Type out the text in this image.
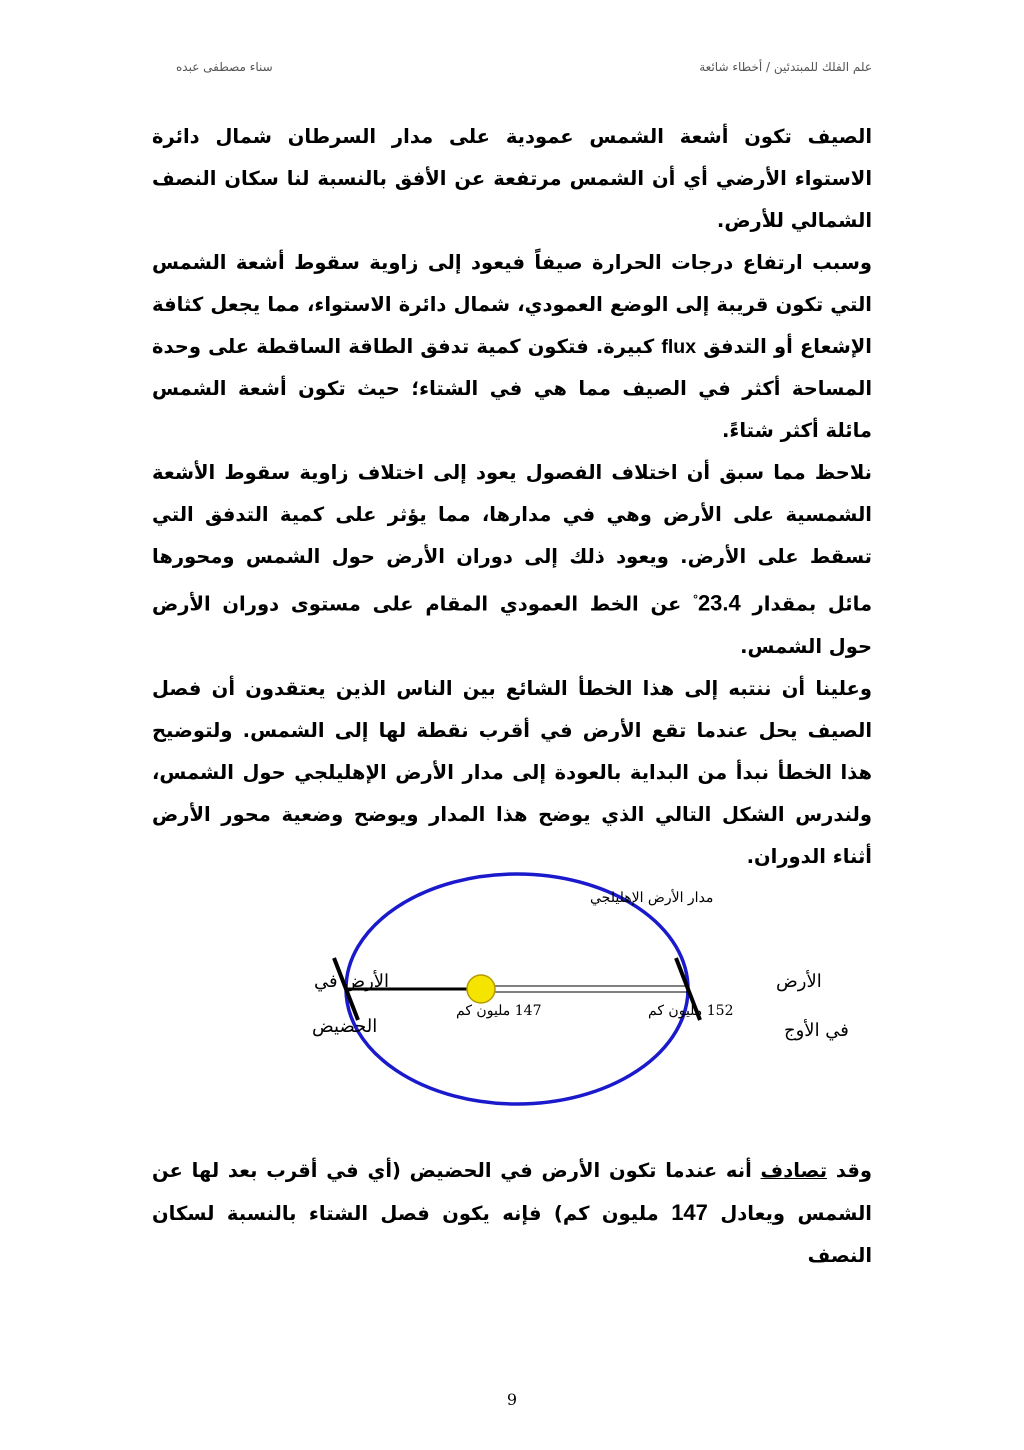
سناء مصطفى عبده	علم الفلك للمبتدئين / أخطاء شائعة

الصيف تكون أشعة الشمس عمودية على مدار السرطان شمال دائرة الاستواء الأرضي أي أن الشمس مرتفعة عن الأفق بالنسبة لنا سكان النصف الشمالي للأرض.

وسبب ارتفاع درجات الحرارة صيفاً فيعود إلى زاوية سقوط أشعة الشمس التي تكون قريبة إلى الوضع العمودي، شمال دائرة الاستواء، مما يجعل كثافة الإشعاع أو التدفق flux كبيرة. فتكون كمية تدفق الطاقة الساقطة على وحدة المساحة أكثر في الصيف مما هي في الشتاء؛ حيث تكون أشعة الشمس مائلة أكثر شتاءً.

نلاحظ مما سبق أن اختلاف الفصول يعود إلى اختلاف زاوية سقوط الأشعة الشمسية على الأرض وهي في مدارها، مما يؤثر على كمية التدفق التي تسقط على الأرض. ويعود ذلك إلى دوران الأرض حول الشمس ومحورها مائل بمقدار 23.4° عن الخط العمودي المقام على مستوى دوران الأرض حول الشمس.

وعلينا أن ننتبه إلى هذا الخطأ الشائع بين الناس الذين يعتقدون أن فصل الصيف يحل عندما تقع الأرض في أقرب نقطة لها إلى الشمس. ولتوضيح هذا الخطأ نبدأ من البداية بالعودة إلى مدار الأرض الإهليلجي حول الشمس، ولندرس الشكل التالي الذي يوضح هذا المدار ويوضح وضعية محور الأرض أثناء الدوران.

مدار الأرض الإهليلجي
147 مليون كم	152 مليون كم
الأرض في
الحضيض
الأرض
في الأوج

وقد تصادف أنه عندما تكون الأرض في الحضيض (أي في أقرب بعد لها عن الشمس ويعادل 147 مليون كم) فإنه يكون فصل الشتاء بالنسبة لسكان النصف

9
